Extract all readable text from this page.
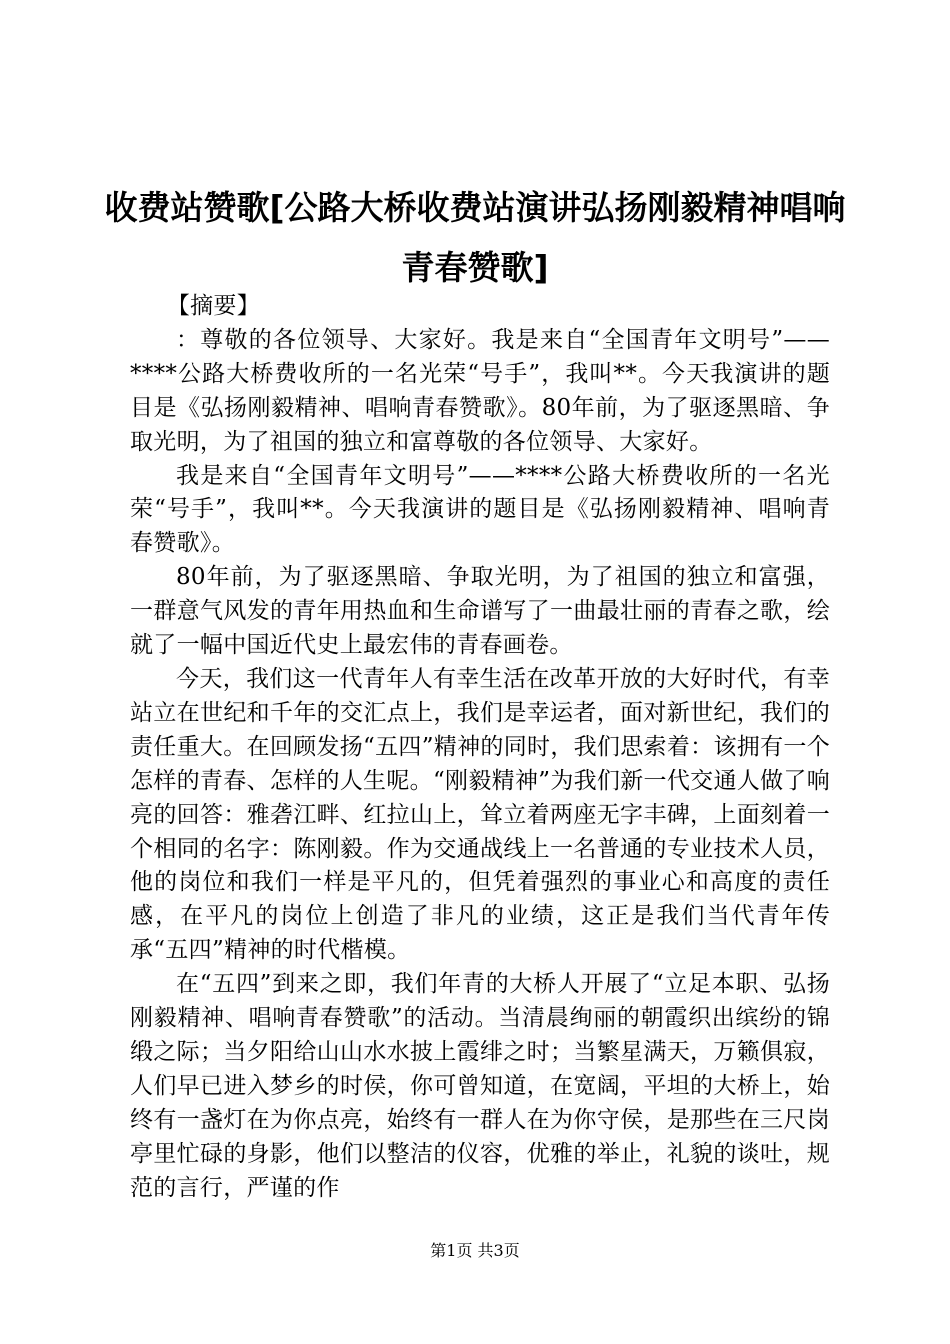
收费站赞歌[公路大桥收费站演讲弘扬刚毅精神唱响青春赞歌]

【摘要】

：尊敬的各位领导、大家好。我是来自“全国青年文明号”——****公路大桥费收所的一名光荣“号手”，我叫**。今天我演讲的题目是《弘扬刚毅精神、唱响青春赞歌》。80年前，为了驱逐黑暗、争取光明，为了祖国的独立和富尊敬的各位领导、大家好。

我是来自“全国青年文明号”——****公路大桥费收所的一名光荣“号手”，我叫**。今天我演讲的题目是《弘扬刚毅精神、唱响青春赞歌》。

80年前，为了驱逐黑暗、争取光明，为了祖国的独立和富强，一群意气风发的青年用热血和生命谱写了一曲最壮丽的青春之歌，绘就了一幅中国近代史上最宏伟的青春画卷。

今天，我们这一代青年人有幸生活在改革开放的大好时代，有幸站立在世纪和千年的交汇点上，我们是幸运者，面对新世纪，我们的责任重大。在回顾发扬“五四”精神的同时，我们思索着：该拥有一个怎样的青春、怎样的人生呢。“刚毅精神”为我们新一代交通人做了响亮的回答：雅砻江畔、红拉山上，耸立着两座无字丰碑，上面刻着一个相同的名字：陈刚毅。作为交通战线上一名普通的专业技术人员，他的岗位和我们一样是平凡的，但凭着强烈的事业心和高度的责任感，在平凡的岗位上创造了非凡的业绩，这正是我们当代青年传承“五四”精神的时代楷模。

在“五四”到来之即，我们年青的大桥人开展了“立足本职、弘扬刚毅精神、唱响青春赞歌”的活动。当清晨绚丽的朝霞织出缤纷的锦缎之际；当夕阳给山山水水披上霞绯之时；当繁星满天，万籁俱寂，人们早已进入梦乡的时侯，你可曾知道，在宽阔，平坦的大桥上，始终有一盏灯在为你点亮，始终有一群人在为你守侯，是那些在三尺岗亭里忙碌的身影，他们以整洁的仪容，优雅的举止，礼貌的谈吐，规范的言行，严谨的作

第1页 共3页
